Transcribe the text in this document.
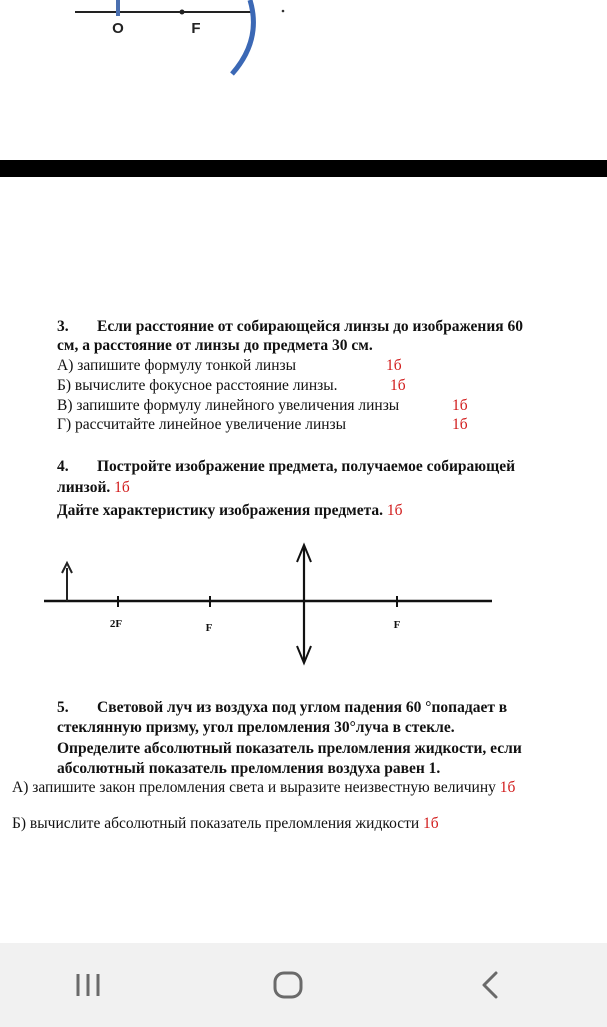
O	F
3. Если расстояние от собирающейся линзы до изображения 60
см, а расстояние от линзы до предмета 30 см.
А) запишите формулу тонкой линзы	1б
Б) вычислите фокусное расстояние линзы.	1б
В) запишите формулу линейного увеличения линзы	1б
Г) рассчитайте линейное увеличение линзы	1б
4. Постройте изображение предмета, получаемое собирающей
линзой. 1б
Дайте характеристику изображения предмета. 1б
2F	F	F
5. Световой луч из воздуха под углом падения 60 °попадает в
стеклянную призму, угол преломления 30°луча в стекле.
Определите абсолютный показатель преломления жидкости, если
абсолютный показатель преломления воздуха равен 1.
А) запишите закон преломления света и выразите неизвестную величину 1б
Б) вычислите абсолютный показатель преломления жидкости 1б
